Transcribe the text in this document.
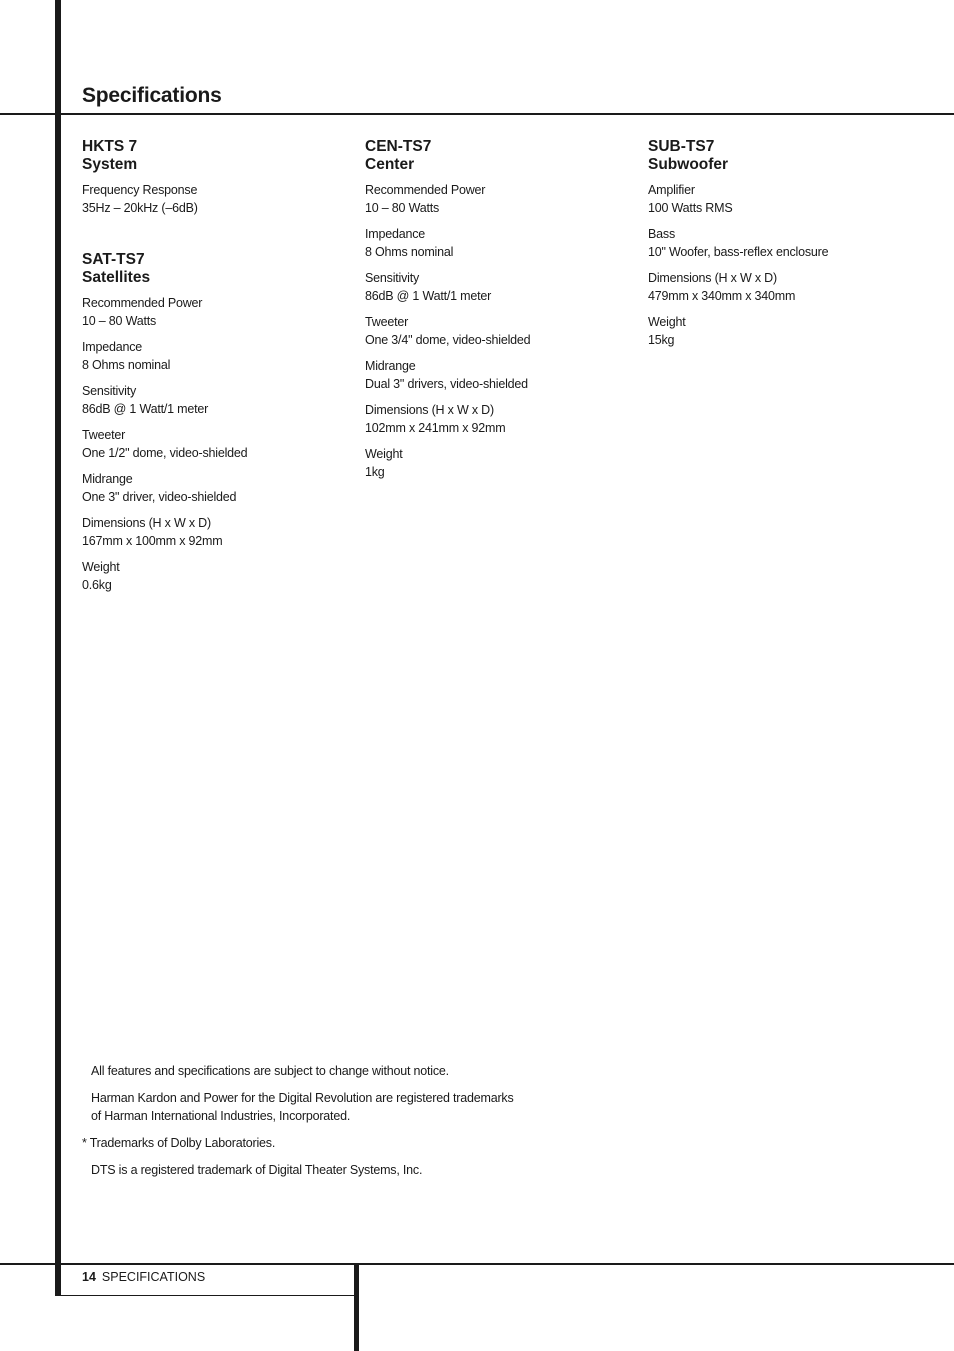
Specifications
HKTS 7
System
Frequency Response
35Hz – 20kHz (–6dB)
SAT-TS7
Satellites
Recommended Power
10 – 80 Watts
Impedance
8 Ohms nominal
Sensitivity
86dB @ 1 Watt/1 meter
Tweeter
One 1/2" dome, video-shielded
Midrange
One 3" driver, video-shielded
Dimensions (H x W x D)
167mm x 100mm x 92mm
Weight
0.6kg
CEN-TS7
Center
Recommended Power
10 – 80 Watts
Impedance
8 Ohms nominal
Sensitivity
86dB @ 1 Watt/1 meter
Tweeter
One 3/4" dome, video-shielded
Midrange
Dual 3" drivers, video-shielded
Dimensions (H x W x D)
102mm x 241mm x 92mm
Weight
1kg
SUB-TS7
Subwoofer
Amplifier
100 Watts RMS
Bass
10" Woofer, bass-reflex enclosure
Dimensions (H x W x D)
479mm x 340mm x 340mm
Weight
15kg

All features and specifications are subject to change without notice.

Harman Kardon and Power for the Digital Revolution are registered trademarks
of Harman International Industries, Incorporated.

* Trademarks of Dolby Laboratories.

DTS is a registered trademark of Digital Theater Systems, Inc.

14 SPECIFICATIONS
